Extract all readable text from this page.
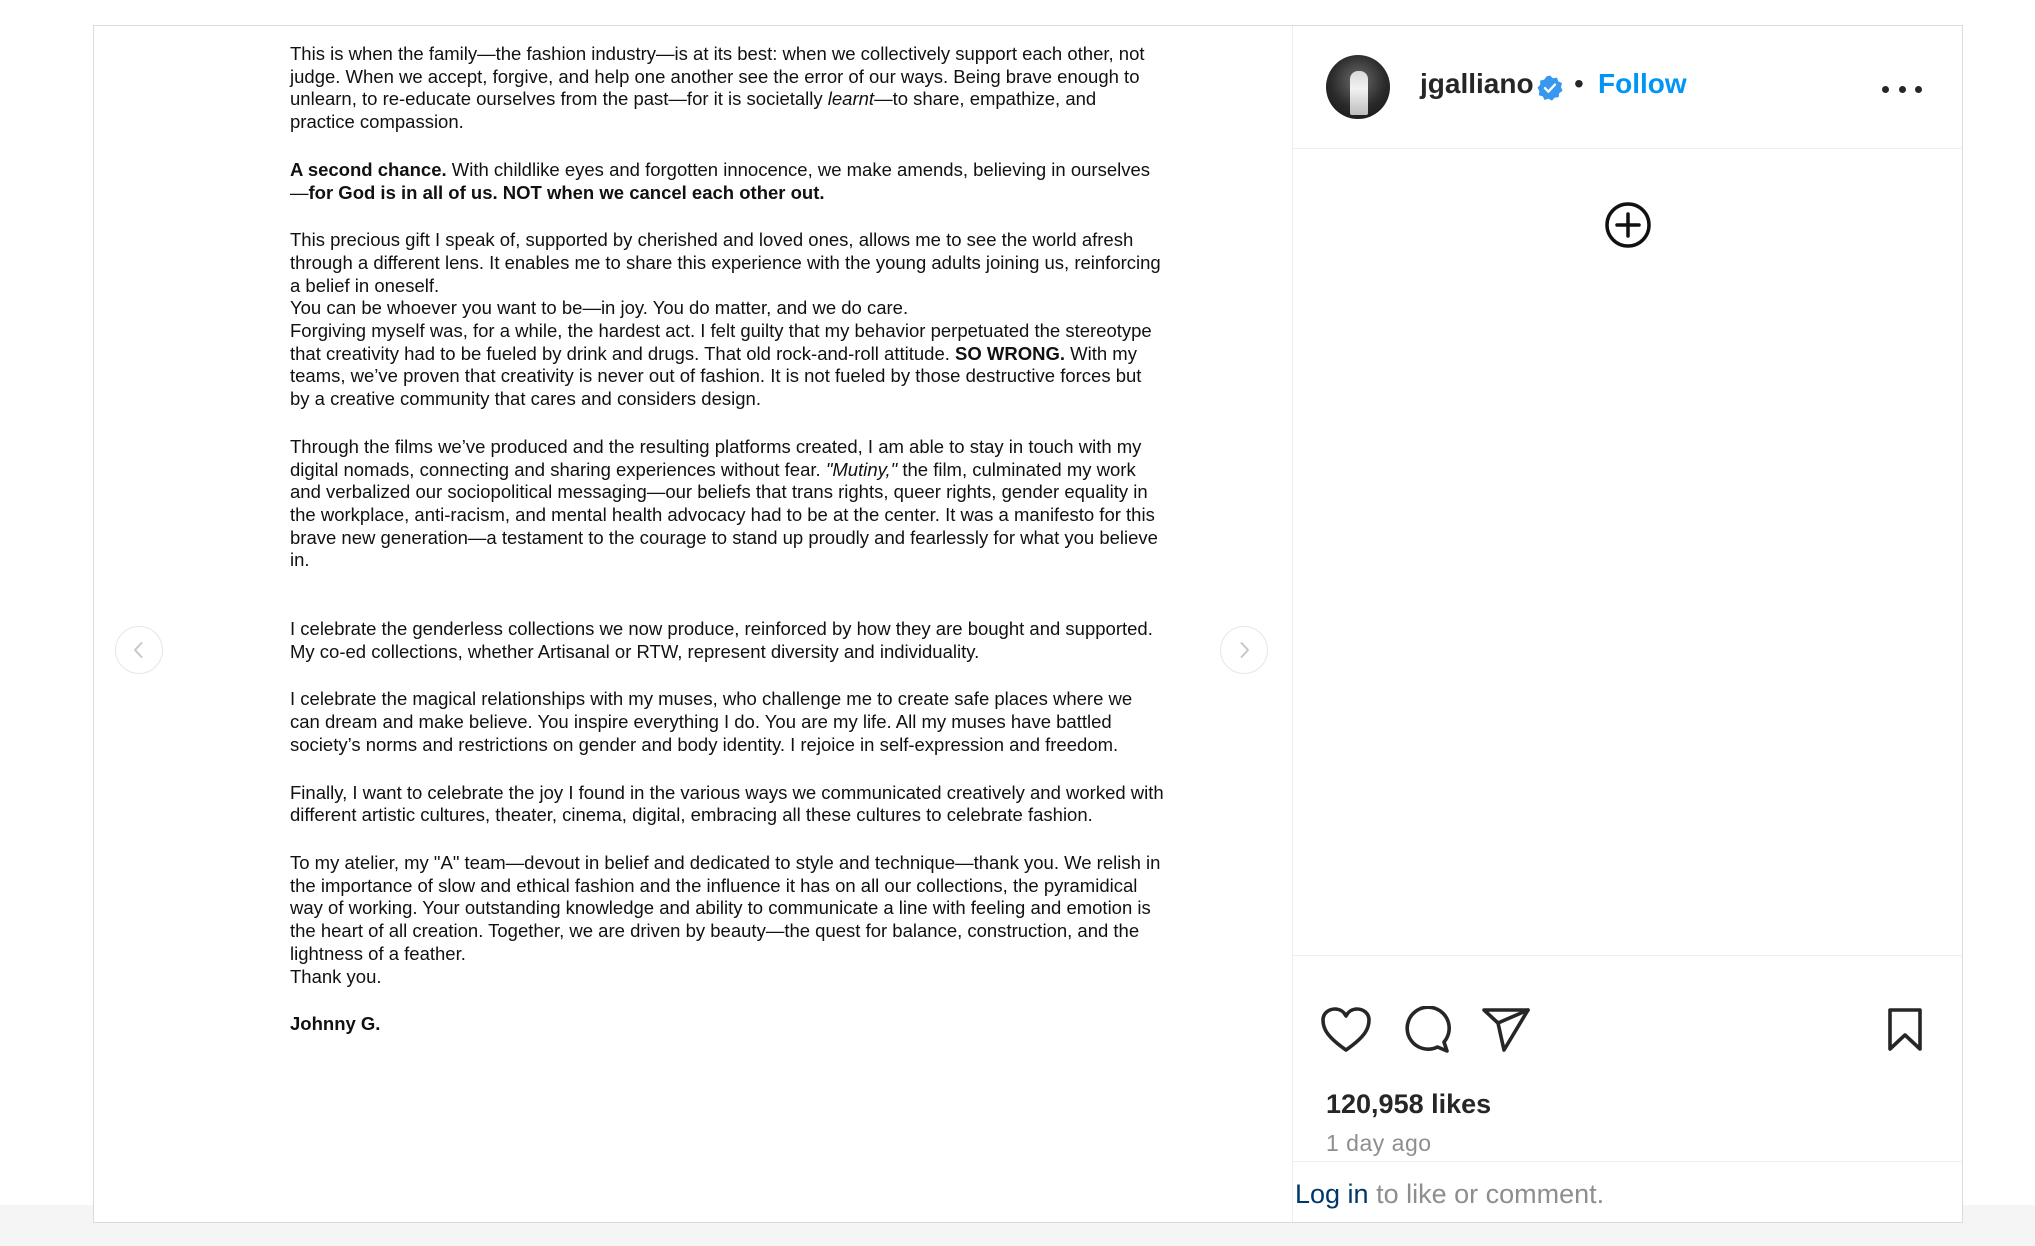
This is when the family—the fashion industry—is at its best: when we collectively support each other, not judge. When we accept, forgive, and help one another see the error of our ways. Being brave enough to unlearn, to re-educate ourselves from the past—for it is societally learnt—to share, empathize, and practice compassion.

A second chance. With childlike eyes and forgotten innocence, we make amends, believing in ourselves—for God is in all of us. NOT when we cancel each other out.

This precious gift I speak of, supported by cherished and loved ones, allows me to see the world afresh through a different lens. It enables me to share this experience with the young adults joining us, reinforcing a belief in oneself.

You can be whoever you want to be—in joy. You do matter, and we do care.

Forgiving myself was, for a while, the hardest act. I felt guilty that my behavior perpetuated the stereotype that creativity had to be fueled by drink and drugs. That old rock-and-roll attitude. SO WRONG. With my teams, we’ve proven that creativity is never out of fashion. It is not fueled by those destructive forces but by a creative community that cares and considers design.

Through the films we’ve produced and the resulting platforms created, I am able to stay in touch with my digital nomads, connecting and sharing experiences without fear. "Mutiny," the film, culminated my work and verbalized our sociopolitical messaging—our beliefs that trans rights, queer rights, gender equality in the workplace, anti-racism, and mental health advocacy had to be at the center. It was a manifesto for this brave new generation—a testament to the courage to stand up proudly and fearlessly for what you believe in.

I celebrate the genderless collections we now produce, reinforced by how they are bought and supported. My co-ed collections, whether Artisanal or RTW, represent diversity and individuality.

I celebrate the magical relationships with my muses, who challenge me to create safe places where we can dream and make believe. You inspire everything I do. You are my life. All my muses have battled society’s norms and restrictions on gender and body identity. I rejoice in self-expression and freedom.

Finally, I want to celebrate the joy I found in the various ways we communicated creatively and worked with different artistic cultures, theater, cinema, digital, embracing all these cultures to celebrate fashion.

To my atelier, my "A" team—devout in belief and dedicated to style and technique—thank you. We relish in the importance of slow and ethical fashion and the influence it has on all our collections, the pyramidical way of working. Your outstanding knowledge and ability to communicate a line with feeling and emotion is the heart of all creation. Together, we are driven by beauty—the quest for balance, construction, and the lightness of a feather.

Thank you.

Johnny G.

jgalliano • Follow
120,958 likes
1 day ago
Log in to like or comment.
